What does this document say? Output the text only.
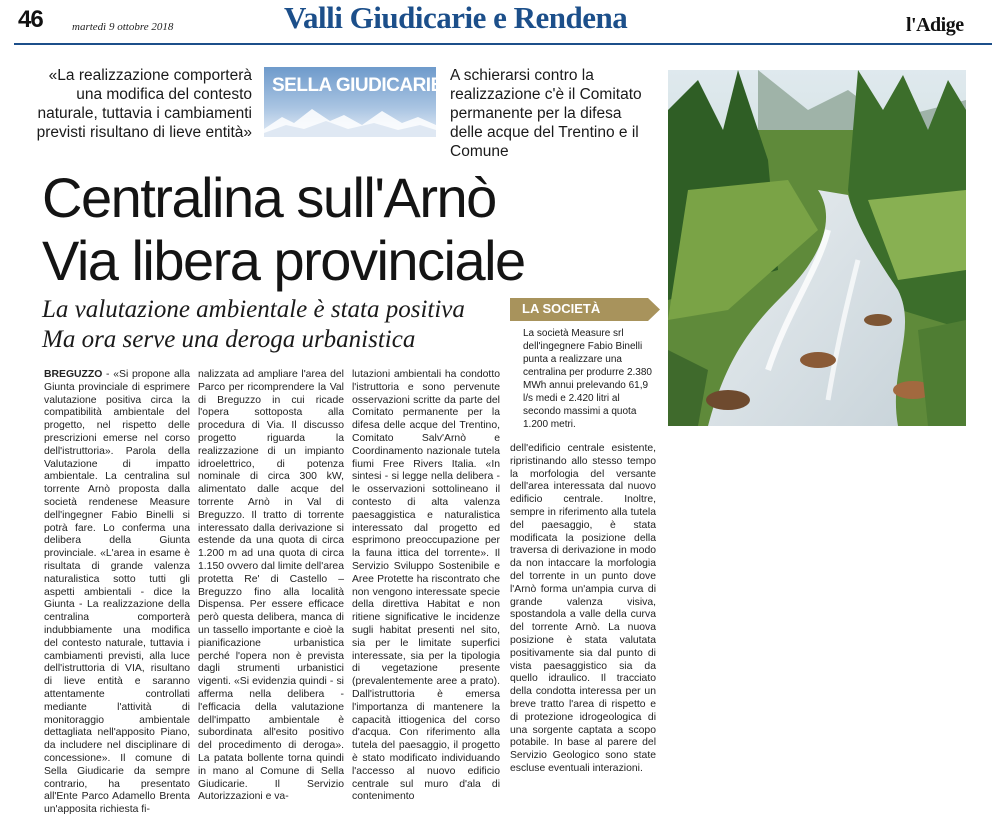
46	martedì 9 ottobre 2018	Valli Giudicarie e Rendena	l'Adige
«La realizzazione comporterà una modifica del contesto naturale, tuttavia i cambiamenti previsti risultano di lieve entità»
SELLA GIUDICARIE A schierarsi contro la realizzazione c'è il Comitato permanente per la difesa delle acque del Trentino e il Comune
Centralina sull'Arnò
Via libera provinciale
La valutazione ambientale è stata positiva
Ma ora serve una deroga urbanistica
LA SOCIETÀ
La società Measure srl dell'ingegnere Fabio Binelli punta a realizzare una centralina per produrre 2.380 MWh annui prelevando 61,9 l/s medi e 2.420 litri al secondo massimi a quota 1.200 metri.

BREGUZZO - «Si propone alla Giunta provinciale di esprimere valutazione positiva circa la compatibilità ambientale del progetto, nel rispetto delle prescrizioni emerse nel corso dell'istruttoria». Parola della Valutazione di impatto ambientale. La centralina sul torrente Arnò proposta dalla società rendenese Measure dell'ingegner Fabio Binelli si potrà fare. Lo conferma una delibera della Giunta provinciale. «L'area in esame è risultata di grande valenza naturalistica sotto tutti gli aspetti ambientali - dice la Giunta - La realizzazione della centralina comporterà indubbiamente una modifica del contesto naturale, tuttavia i cambiamenti previsti, alla luce dell'istruttoria di VIA, risultano di lieve entità e saranno attentamente controllati mediante l'attività di monitoraggio ambientale dettagliata nell'apposito Piano, da includere nel disciplinare di concessione». Il comune di Sella Giudicarie da sempre contrario, ha presentato all'Ente Parco Adamello Brenta un'apposita richiesta fi-

nalizzata ad ampliare l'area del Parco per ricomprendere la Val di Breguzzo in cui ricade l'opera sottoposta alla procedura di Via. Il discusso progetto riguarda la realizzazione di un impianto idroelettrico, di potenza nominale di circa 300 kW, alimentato dalle acque del torrente Arnò in Val di Breguzzo. Il tratto di torrente interessato dalla derivazione si estende da una quota di circa 1.200 m ad una quota di circa 1.150 ovvero dal limite dell'area protetta Re' di Castello – Breguzzo fino alla località Dispensa. Per essere efficace però questa delibera, manca di un tassello importante e cioè la pianificazione urbanistica perché l'opera non è prevista dagli strumenti urbanistici vigenti. «Si evidenzia quindi - si afferma nella delibera - l'efficacia della valutazione dell'impatto ambientale è subordinata all'esito positivo del procedimento di deroga». La patata bollente torna quindi in mano al Comune di Sella Giudicarie. Il Servizio Autorizzazioni e va-

lutazioni ambientali ha condotto l'istruttoria e sono pervenute osservazioni scritte da parte del Comitato permanente per la difesa delle acque del Trentino, Comitato Salv'Arnò e Coordinamento nazionale tutela fiumi Free Rivers Italia. «In sintesi - si legge nella delibera - le osservazioni sottolineano il contesto di alta valenza paesaggistica e naturalistica interessato dal progetto ed esprimono preoccupazione per la fauna ittica del torrente». Il Servizio Sviluppo Sostenibile e Aree Protette ha riscontrato che non vengono interessate specie della direttiva Habitat e non ritiene significative le incidenze sugli habitat presenti nel sito, sia per le limitate superfici interessate, sia per la tipologia di vegetazione presente (prevalentemente aree a prato). Dall'istruttoria è emersa l'importanza di mantenere la capacità ittiogenica del corso d'acqua. Con riferimento alla tutela del paesaggio, il progetto è stato modificato individuando l'accesso al nuovo edificio centrale sul muro d'ala di contenimento

dell'edificio centrale esistente, ripristinando allo stesso tempo la morfologia del versante dell'area interessata dal nuovo edificio centrale. Inoltre, sempre in riferimento alla tutela del paesaggio, è stata modificata la posizione della traversa di derivazione in modo da non intaccare la morfologia del torrente in un punto dove l'Arnò forma un'ampia curva di grande valenza visiva, spostandola a valle della curva del torrente Arnò. La nuova posizione è stata valutata positivamente sia dal punto di vista paesaggistico sia da quello idraulico. Il tracciato della condotta interessa per un breve tratto l'area di rispetto e di protezione idrogeologica di una sorgente captata a scopo potabile. In base al parere del Servizio Geologico sono state escluse eventuali interazioni.
